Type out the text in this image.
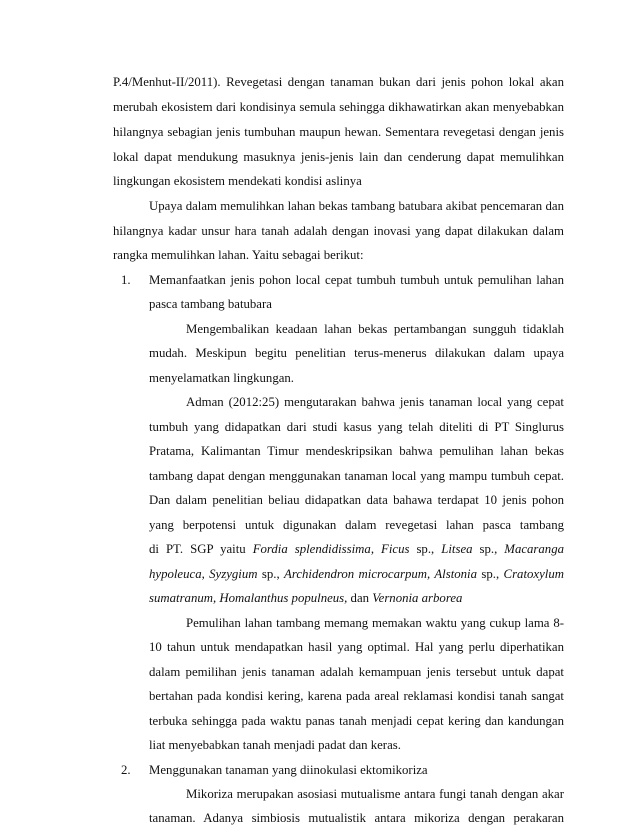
P.4/Menhut-II/2011). Revegetasi dengan tanaman bukan dari jenis pohon lokal akan
merubah ekosistem dari kondisinya semula sehingga dikhawatirkan akan menyebabkan
hilangnya sebagian jenis tumbuhan maupun hewan. Sementara revegetasi dengan jenis
lokal dapat mendukung masuknya jenis-jenis lain dan cenderung dapat memulihkan
lingkungan ekosistem mendekati kondisi aslinya
Upaya dalam memulihkan lahan bekas tambang batubara akibat pencemaran dan
hilangnya kadar unsur hara tanah adalah dengan inovasi yang dapat dilakukan dalam
rangka memulihkan lahan. Yaitu sebagai berikut:
1. Memanfaatkan jenis pohon local cepat tumbuh tumbuh untuk pemulihan lahan
pasca tambang batubara
Mengembalikan keadaan lahan bekas pertambangan sungguh tidaklah
mudah. Meskipun begitu penelitian terus-menerus dilakukan dalam upaya
menyelamatkan lingkungan.
Adman (2012:25) mengutarakan bahwa jenis tanaman local yang cepat
tumbuh yang didapatkan dari studi kasus yang telah diteliti di PT Singlurus
Pratama, Kalimantan Timur mendeskripsikan bahwa pemulihan lahan bekas
tambang dapat dengan menggunakan tanaman local yang mampu tumbuh cepat.
Dan dalam penelitian beliau didapatkan data bahawa terdapat 10 jenis pohon
yang berpotensi untuk digunakan dalam revegetasi lahan pasca tambang
di PT. SGP yaitu Fordia splendidissima, Ficus sp., Litsea sp., Macaranga
hypoleuca, Syzygium sp., Archidendron microcarpum, Alstonia sp., Cratoxylum
sumatranum, Homalanthus populneus, dan Vernonia arborea
Pemulihan lahan tambang memang memakan waktu yang cukup lama 8-
10 tahun untuk mendapatkan hasil yang optimal. Hal yang perlu diperhatikan
dalam pemilihan jenis tanaman adalah kemampuan jenis tersebut untuk dapat
bertahan pada kondisi kering, karena pada areal reklamasi kondisi tanah sangat
terbuka sehingga pada waktu panas tanah menjadi cepat kering dan kandungan
liat menyebabkan tanah menjadi padat dan keras.
2. Menggunakan tanaman yang diinokulasi ektomikoriza
Mikoriza merupakan asosiasi mutualisme antara fungi tanah dengan akar
tanaman. Adanya simbiosis mutualistik antara mikoriza dengan perakaran
